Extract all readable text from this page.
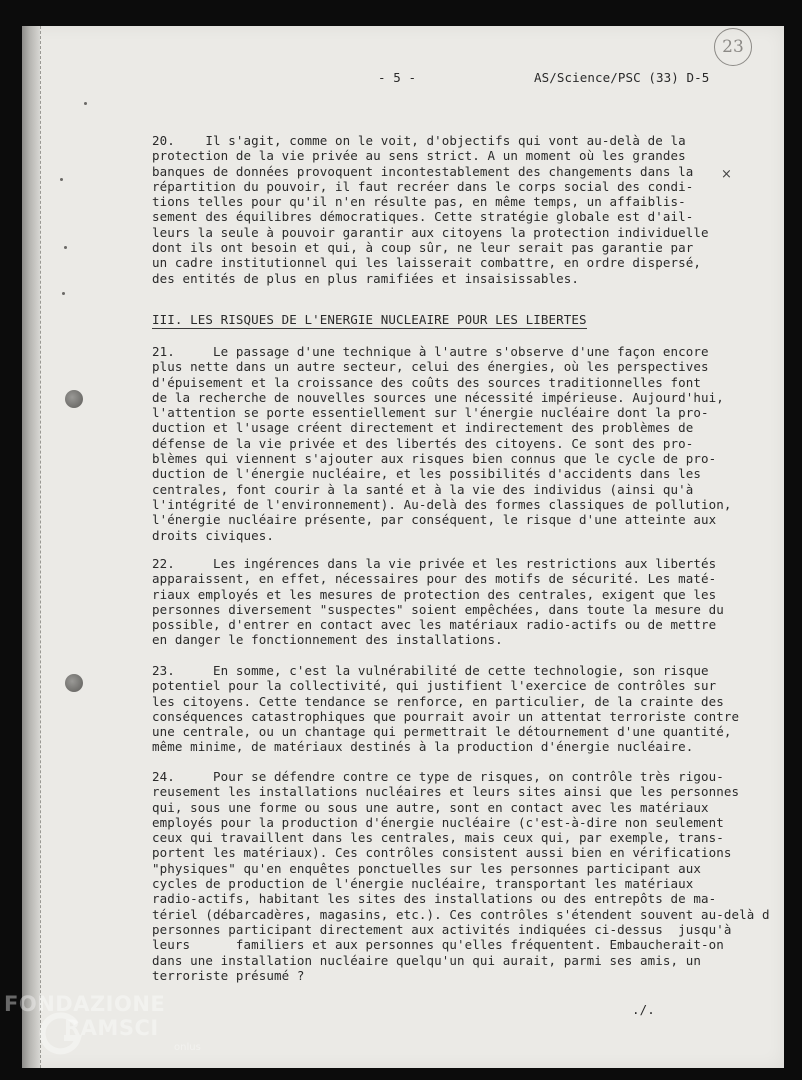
23
- 5 -	AS/Science/PSC (33) D-5
×
20.    Il s'agit, comme on le voit, d'objectifs qui vont au-delà de la
protection de la vie privée au sens strict. A un moment où les grandes
banques de données provoquent incontestablement des changements dans la
répartition du pouvoir, il faut recréer dans le corps social des condi-
tions telles pour qu'il n'en résulte pas, en même temps, un affaiblis-
sement des équilibres démocratiques. Cette stratégie globale est d'ail-
leurs la seule à pouvoir garantir aux citoyens la protection individuelle
dont ils ont besoin et qui, à coup sûr, ne leur serait pas garantie par
un cadre institutionnel qui les laisserait combattre, en ordre dispersé,
des entités de plus en plus ramifiées et insaisissables.
III. LES RISQUES DE L'ENERGIE NUCLEAIRE POUR LES LIBERTES
21.     Le passage d'une technique à l'autre s'observe d'une façon encore
plus nette dans un autre secteur, celui des énergies, où les perspectives
d'épuisement et la croissance des coûts des sources traditionnelles font
de la recherche de nouvelles sources une nécessité impérieuse. Aujourd'hui,
l'attention se porte essentiellement sur l'énergie nucléaire dont la pro-
duction et l'usage créent directement et indirectement des problèmes de
défense de la vie privée et des libertés des citoyens. Ce sont des pro-
blèmes qui viennent s'ajouter aux risques bien connus que le cycle de pro-
duction de l'énergie nucléaire, et les possibilités d'accidents dans les
centrales, font courir à la santé et à la vie des individus (ainsi qu'à
l'intégrité de l'environnement). Au-delà des formes classiques de pollution,
l'énergie nucléaire présente, par conséquent, le risque d'une atteinte aux
droits civiques.
22.     Les ingérences dans la vie privée et les restrictions aux libertés
apparaissent, en effet, nécessaires pour des motifs de sécurité. Les maté-
riaux employés et les mesures de protection des centrales, exigent que les
personnes diversement "suspectes" soient empêchées, dans toute la mesure du
possible, d'entrer en contact avec les matériaux radio-actifs ou de mettre
en danger le fonctionnement des installations.
23.     En somme, c'est la vulnérabilité de cette technologie, son risque
potentiel pour la collectivité, qui justifient l'exercice de contrôles sur
les citoyens. Cette tendance se renforce, en particulier, de la crainte des
conséquences catastrophiques que pourrait avoir un attentat terroriste contre
une centrale, ou un chantage qui permettrait le détournement d'une quantité,
même minime, de matériaux destinés à la production d'énergie nucléaire.
24.     Pour se défendre contre ce type de risques, on contrôle très rigou-
reusement les installations nucléaires et leurs sites ainsi que les personnes
qui, sous une forme ou sous une autre, sont en contact avec les matériaux
employés pour la production d'énergie nucléaire (c'est-à-dire non seulement
ceux qui travaillent dans les centrales, mais ceux qui, par exemple, trans-
portent les matériaux). Ces contrôles consistent aussi bien en vérifications
"physiques" qu'en enquêtes ponctuelles sur les personnes participant aux
cycles de production de l'énergie nucléaire, transportant les matériaux
radio-actifs, habitant les sites des installations ou des entrepôts de ma-
tériel (débarcadères, magasins, etc.). Ces contrôles s'étendent souvent au-delà
personnes participant directement aux activités indiquées ci-dessus  jusqu'à
leurs      familiers et aux personnes qu'elles fréquentent. Embaucherait-on
dans une installation nucléaire quelqu'un qui aurait, parmi ses amis, un
terroriste présumé ?
./.
FONDAZIONE
RAMSCI
onlus
